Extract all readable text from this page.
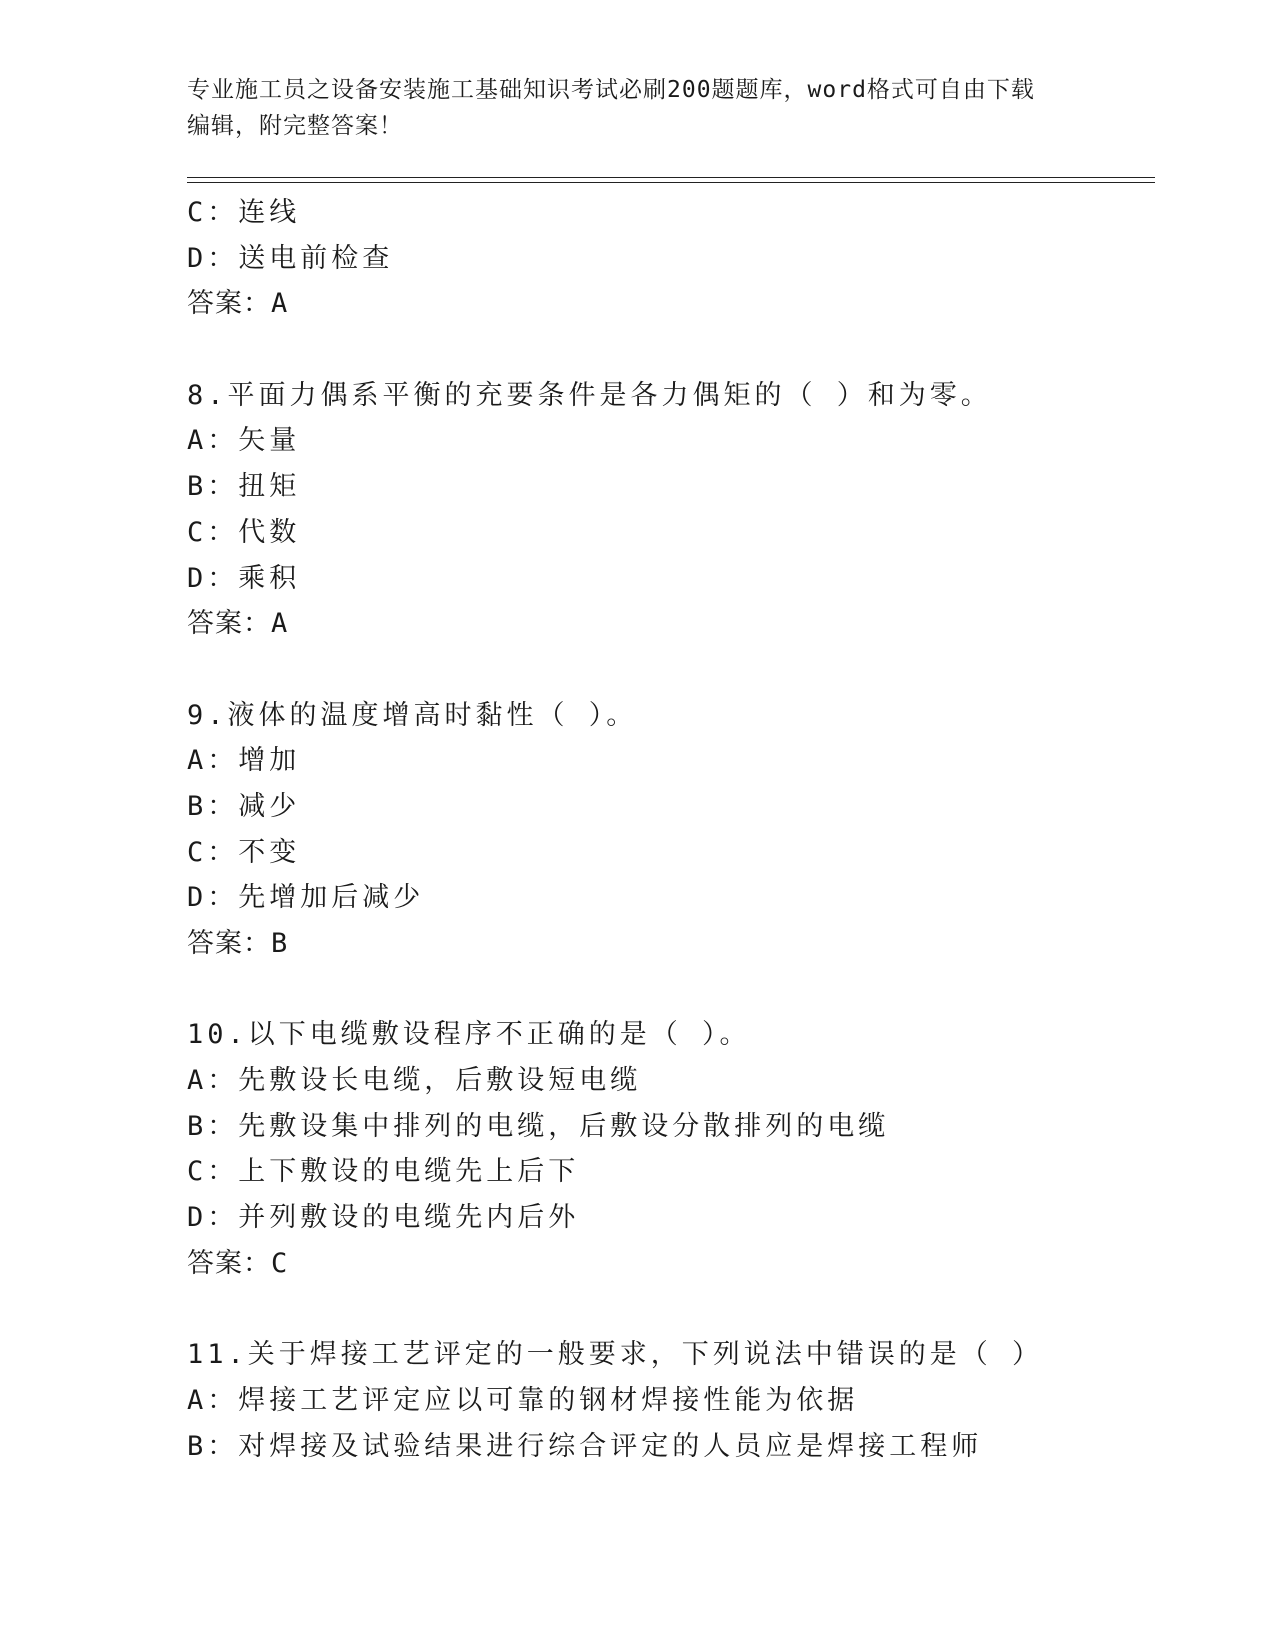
专业施工员之设备安装施工基础知识考试必刷200题题库，word格式可自由下载
编辑，附完整答案！
C：连线
D：送电前检查
答案：A
8.平面力偶系平衡的充要条件是各力偶矩的（ ）和为零。
A：矢量
B：扭矩
C：代数
D：乘积
答案：A
9.液体的温度增高时黏性（ ）。
A：增加
B：减少
C：不变
D：先增加后减少
答案：B
10.以下电缆敷设程序不正确的是（ ）。
A：先敷设长电缆，后敷设短电缆
B：先敷设集中排列的电缆，后敷设分散排列的电缆
C：上下敷设的电缆先上后下
D：并列敷设的电缆先内后外
答案：C
11.关于焊接工艺评定的一般要求，下列说法中错误的是（ ）
A：焊接工艺评定应以可靠的钢材焊接性能为依据
B：对焊接及试验结果进行综合评定的人员应是焊接工程师
